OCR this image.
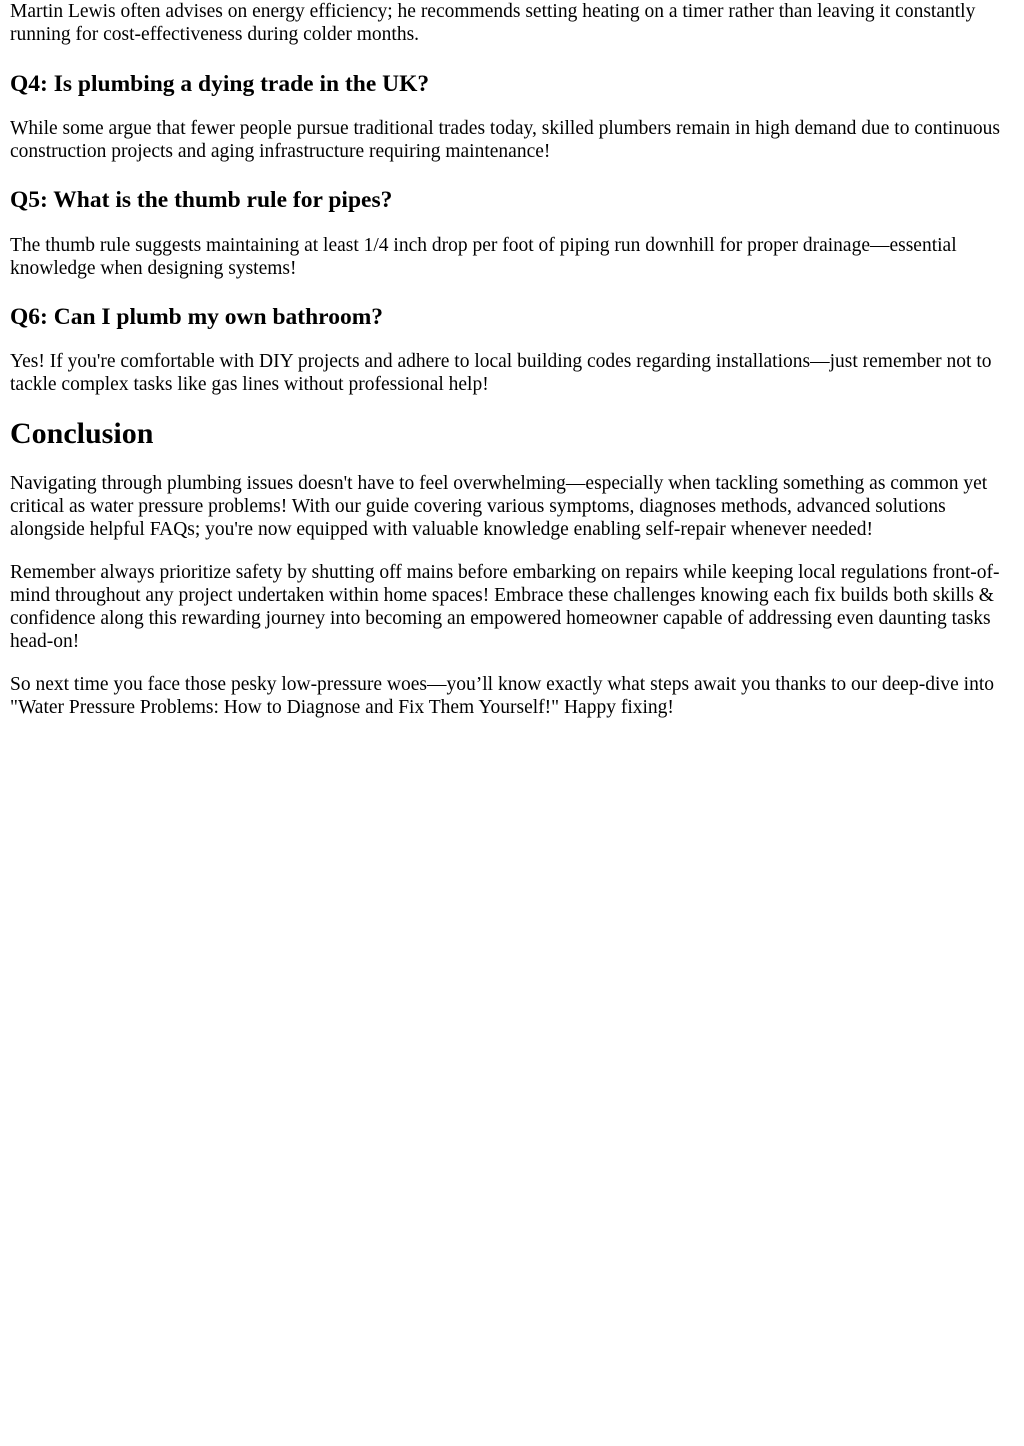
Martin Lewis often advises on energy efficiency; he recommends setting heating on a timer rather than leaving it constantly running for cost-effectiveness during colder months.

Q4: Is plumbing a dying trade in the UK?

While some argue that fewer people pursue traditional trades today, skilled plumbers remain in high demand due to continuous construction projects and aging infrastructure requiring maintenance!

Q5: What is the thumb rule for pipes?

The thumb rule suggests maintaining at least 1/4 inch drop per foot of piping run downhill for proper drainage—essential knowledge when designing systems!

Q6: Can I plumb my own bathroom?

Yes! If you're comfortable with DIY projects and adhere to local building codes regarding installations—just remember not to tackle complex tasks like gas lines without professional help!

Conclusion

Navigating through plumbing issues doesn't have to feel overwhelming—especially when tackling something as common yet critical as water pressure problems! With our guide covering various symptoms, diagnoses methods, advanced solutions alongside helpful FAQs; you're now equipped with valuable knowledge enabling self-repair whenever needed!

Remember always prioritize safety by shutting off mains before embarking on repairs while keeping local regulations front-of-mind throughout any project undertaken within home spaces! Embrace these challenges knowing each fix builds both skills & confidence along this rewarding journey into becoming an empowered homeowner capable of addressing even daunting tasks head-on!

So next time you face those pesky low-pressure woes—you’ll know exactly what steps await you thanks to our deep-dive into "Water Pressure Problems: How to Diagnose and Fix Them Yourself!" Happy fixing!
